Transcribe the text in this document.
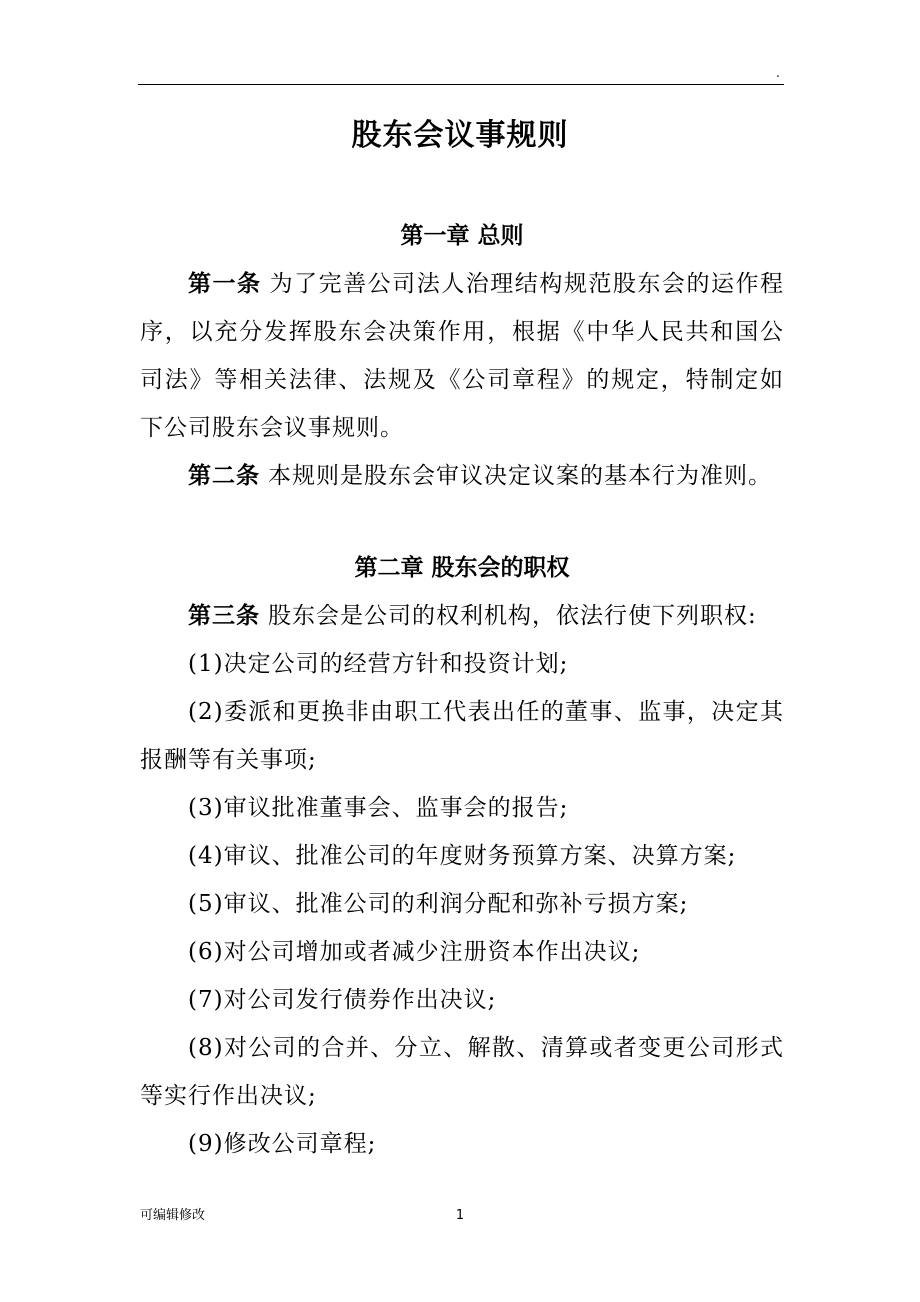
.
股东会议事规则

第一章 总则

第一条 为了完善公司法人治理结构规范股东会的运作程序，以充分发挥股东会决策作用，根据《中华人民共和国公司法》等相关法律、法规及《公司章程》的规定，特制定如下公司股东会议事规则。

第二条 本规则是股东会审议决定议案的基本行为准则。

第二章 股东会的职权

第三条 股东会是公司的权利机构，依法行使下列职权:

(1)决定公司的经营方针和投资计划;

(2)委派和更换非由职工代表出任的董事、监事，决定其报酬等有关事项;

(3)审议批准董事会、监事会的报告;

(4)审议、批准公司的年度财务预算方案、决算方案;

(5)审议、批准公司的利润分配和弥补亏损方案;

(6)对公司增加或者减少注册资本作出决议;

(7)对公司发行债券作出决议;

(8)对公司的合并、分立、解散、清算或者变更公司形式等实行作出决议;

(9)修改公司章程;

可编辑修改	1
